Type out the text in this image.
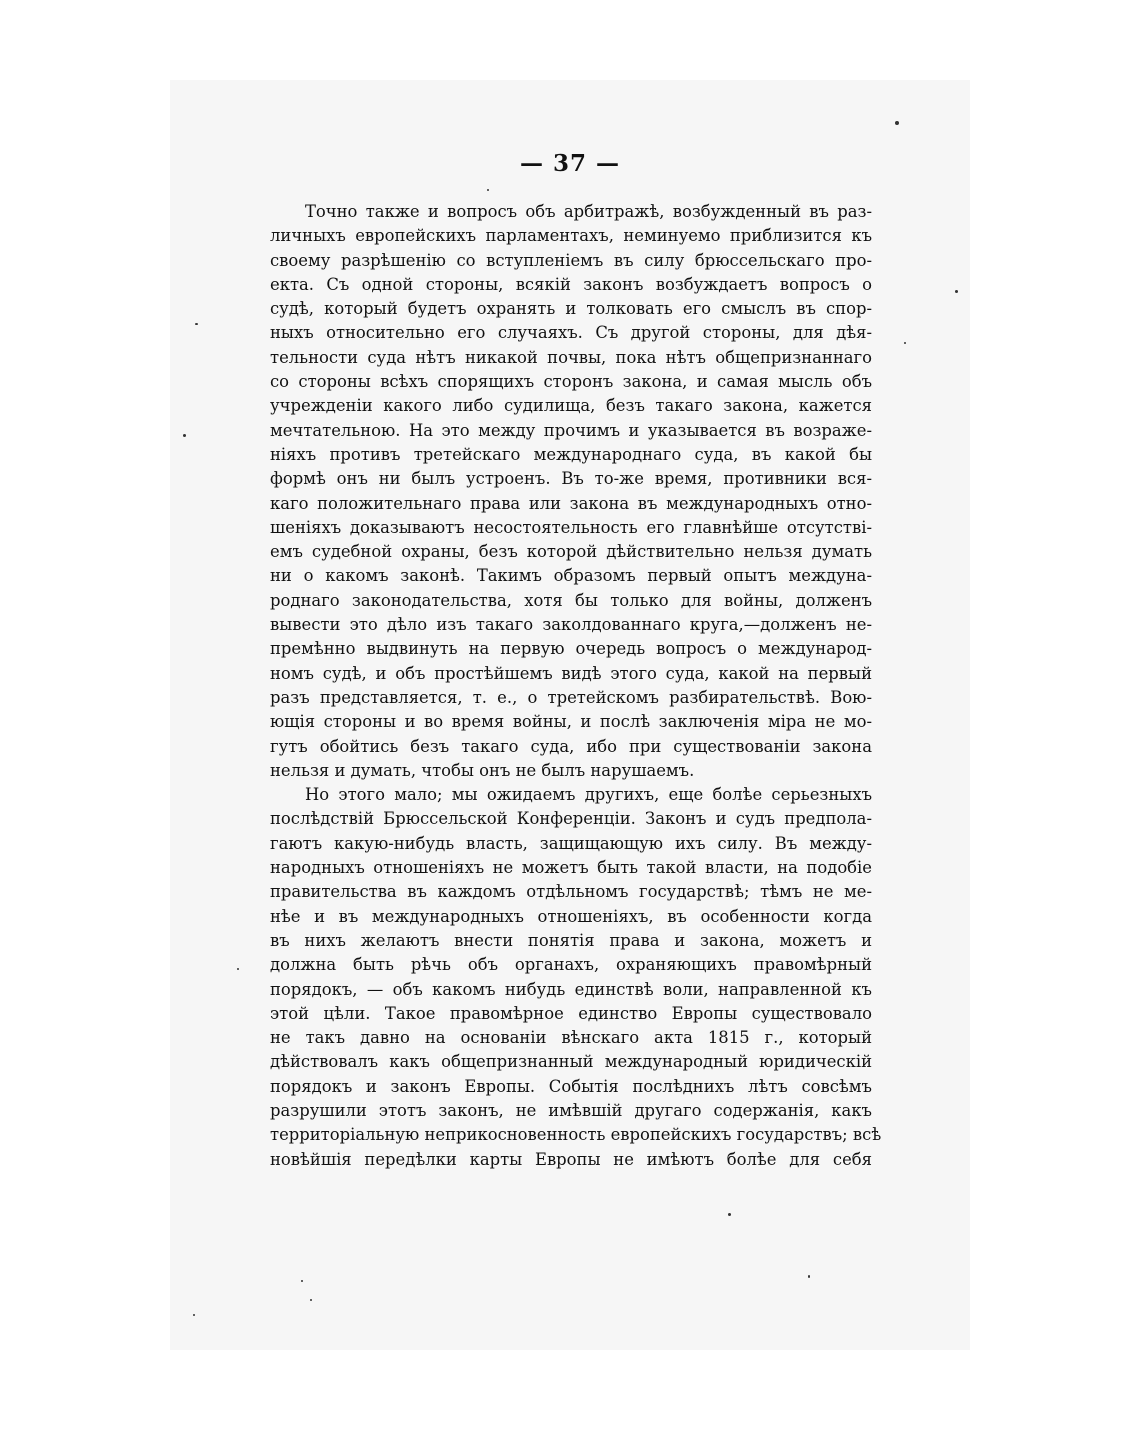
— 37 —
Точно также и вопросъ объ арбитражѣ, возбужденный въ раз-
личныхъ европейскихъ парламентахъ, неминуемо приблизится къ
своему разрѣшенію со вступленіемъ въ силу брюссельскаго про-
екта. Съ одной стороны, всякій законъ возбуждаетъ вопросъ о
судѣ, который будетъ охранять и толковать его смыслъ въ спор-
ныхъ относительно его случаяхъ. Съ другой стороны, для дѣя-
тельности суда нѣтъ никакой почвы, пока нѣтъ общепризнаннаго
со стороны всѣхъ спорящихъ сторонъ закона, и самая мысль объ
учрежденіи какого либо судилища, безъ такаго закона, кажется
мечтательною. На это между прочимъ и указывается въ возраже-
ніяхъ противъ третейскаго международнаго суда, въ какой бы
формѣ онъ ни былъ устроенъ. Въ то-же время, противники вся-
каго положительнаго права или закона въ международныхъ отно-
шеніяхъ доказываютъ несостоятельность его главнѣйше отсутствi-
емъ судебной охраны, безъ которой дѣйствительно нельзя думать
ни о какомъ законѣ. Такимъ образомъ первый опытъ междуна-
роднаго законодательства, хотя бы только для войны, долженъ
вывести это дѣло изъ такаго заколдованнаго круга,—долженъ не-
премѣнно выдвинуть на первую очередь вопросъ о международ-
номъ судѣ, и объ простѣйшемъ видѣ этого суда, какой на первый
разъ представляется, т. е., о третейскомъ разбирательствѣ. Вою-
ющія стороны и во время войны, и послѣ заключенія міра не мо-
гутъ обойтись безъ такаго суда, ибо при существованіи закона
нельзя и думать, чтобы онъ не былъ нарушаемъ.
Но этого мало; мы ожидаемъ другихъ, еще болѣе серьезныхъ
послѣдствій Брюссельской Конференціи. Законъ и судъ предпола-
гаютъ какую-нибудь власть, защищающую ихъ силу. Въ между-
народныхъ отношеніяхъ не можетъ быть такой власти, на подобіе
правительства въ каждомъ отдѣльномъ государствѣ; тѣмъ не ме-
нѣе и въ международныхъ отношеніяхъ, въ особенности когда
въ нихъ желаютъ внести понятія права и закона, можетъ и
должна быть рѣчь объ органахъ, охраняющихъ правомѣрный
порядокъ, — объ какомъ нибудь единствѣ воли, направленной къ
этой цѣли. Такое правомѣрное единство Европы существовало
не такъ давно на основаніи вѣнскаго акта 1815 г., который
дѣйствовалъ какъ общепризнанный международный юридическій
порядокъ и законъ Европы. Событія послѣднихъ лѣтъ совсѣмъ
разрушили этотъ законъ, не имѣвшій другаго содержанія, какъ
территоріальную неприкосновенность европейскихъ государствъ; всѣ
новѣйшія передѣлки карты Европы не имѣютъ болѣе для себя
